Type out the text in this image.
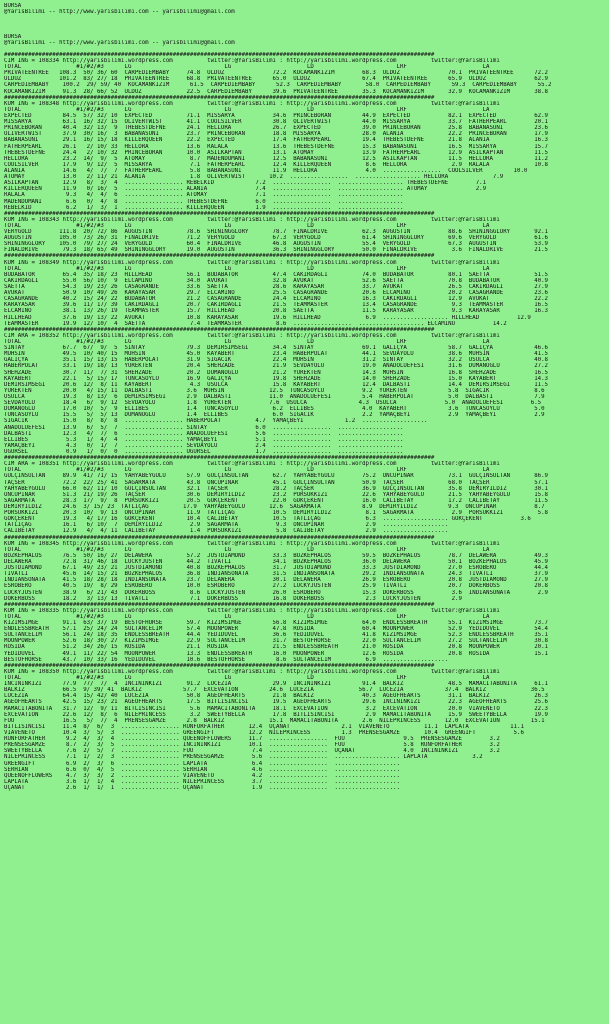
BURSA
@YarisBilimi -- http://www.yarisbilimi.com -- yarisbilimi@gmail.com
BURSA
@YarisBilimi -- http://www.yarisbilimi.com -- yarisbilimi@gmail.com
#############################################################################################################################
CIM ING = 108334 http://yarisbilimi.wordpress.com          twitter:@YarisBilimi : http://yarisbilimi.wordpress.com          twitter:@YarisBilimi
TOTAL                #1/#2/#3      LG                           LG                      LD                        LRF                      LA
PRIVATEENTREE   108.3  50/ 36/ 60  CARPEDIEMBABY     74.8  ULDUZ              72.2  KOCAMANKIZIM        68.3  ULDUZ              70.1  PRIVATEENTREE      72.2
ULDUZ           101.2  83/ 27/ 18  PRIVATEENTREE     68.8  PRIVATEENTREE      65.0  ULDUZ               67.4  PRIVATEENTREE      65.9  ULDUZ              62.9
CARPEDIEMBABY    100.2  29/ 59/ 40  KOCAMANKIZIM      61.5  CARPEDIEMBABY      52.3  CARPEDIEMBABY       58.0  CARPEDIEMBABY      59.3  CARPEDIEMBABY      55.2
KOCAMANKIZIM     91.3  28/ 66/ 52  ULDUZ             22.5  CARPEDIEMBABY      39.6  PRIVATEENTREE       35.3  KOCAMANKIZIM       32.9  KOCAMANKIZIM       38.8
#############################################################################################################################
KUM ING = 108348 http://yarisbilimi.wordpress.com          twitter:@YarisBilimi : http://yarisbilimi.wordpress.com          twitter:@YarisBilimi
TOTAL                #1/#2/#3      LG                           LG                      LD                        LRF                      LA
EXPECTED         84.5  57/ 32/ 10  EXPECTED          71.1  MISSARYA           34.6  PRINCEBORAN         44.9  EXPECTED           82.1  EXPECTED           62.9
MISSARYA         63.1  16/ 32/ 15  OLIVERTWIST       41.1  COOLSILVER         30.8  OLIVERTWIST         44.0  MISSARYA           33.7  FATHERPEARL        20.1
PRINCEBORAN      40.4  32/ 13/  9  THEBESTDEFNE      24.1  HELLORA            26.7  EXPECTED            39.0  PRINCEBORAN        25.8  BABANASUNI         23.6
OLIVERTWIST      37.9  30/ 16/  3  BABANASUNI        23.7  PRINCEBORAN        18.8  MISSARYA            28.0  ALANIA             22.2  PRINCEBORAN        17.9
BABANASUNI       29.1  16/ 15/ 18  KILLERQUEEN       22.2  EXPECTED           17.4  FATHERPEARL         19.4  THEBESTDEFNE       21.8  ALANIA             16.3
FATHERPEARL      26.1   2/ 10/ 33  HELLORA           13.6  RALALA             13.6  THEBESTDEFNE        15.3  BABANASUNI         16.5  MISSARYA           15.7
THEBESTDEFNE     24.4   2/ 10/ 32  PRINCEBORAN       10.0  ASILKAPTAN         13.1  ATOMAY              13.9  FATHERPEARL        12.9  ASILKAPTAN         11.5
HELLORA          23.2  14/  9/  5  ATOMAY             8.7  MADENDOMANI        12.5  BABANASUNI          12.5  ASILKAPTAN         11.5  HELLORA            11.2
COOLSILVER       17.9   9/ 12/  5  MISSARYA           7.1  FATHERPEARL        12.4  KILLERQUEEN          8.6  HELLORA             2.9  RALALA             10.8
ALANIA           14.6   4/  7/  7  FATHERPEARL        5.8  BABANASUNI         11.9  HELLORA              4.0  .................  COOLSILVER         10.0
ATOMAY           13.0   2/ 11/ 21  ALANIA             1.8  OLIVERTWIST       10.2  .................  ................... HELLORA             7.9
ASILKAPTAN       12.9   8/  3/  4  ................. REBELKID            7.2  .................  ................... THEBESTDEFNE        7.1
KILLERQUEEN      11.9   0/ 16/  5  ................. ALANIA              7.4  .................  ................... ATOMAY              2.9
RALALA            9.3   4/  4/  6  ................. ATOMAY              7.1  .................  ...................
MADENDOMANI       6.6   0/  4/  8  ................. THEBESTDEFNE        6.0  .................  ...................
REBELKID          6.2   1/  3/  1  ................. KILLERQUEEN         1.9  .................  ...................
#############################################################################################################################
KUM ING = 108343 http://yarisbilimi.wordpress.com          twitter:@YarisBilimi : http://yarisbilimi.wordpress.com          twitter:@YarisBilimi
TOTAL                #1/#2/#3      LG                           LG                      LD                        LRF                      LA
VERYGOLD        111.8  20/ 72/ 86  AUGUSTIN          78.6  SHININGGLORY       78.7  FINALDRIVE          62.3  AUGUSTIN           88.6  SHININGGLORY       92.1
AUGUSTIN        105.0  73/ 26/ 31  FINALDRIVE        71.2  VERYGOLD           67.3  VERYGOLD            61.4  SHININGGLORY       69.6  VERYGOLD           61.6
SHININGGLORY    105.0  79/ 27/ 24  VERYGOLD          60.4  FINALDRIVE         46.8  AUGUSTIN            55.4  VERYGOLD           67.3  AUGUSTIN           53.9
FINALDRIVE       79.3  18/ 65/ 49  SHININGGLORY      19.0  AUGUSTIN           36.3  SHININGGLORY        50.0  FINALDRIVE          3.6  FINALDRIVE         21.5
#############################################################################################################################
KUM ING = 108349 http://yarisbilimi.wordpress.com          twitter:@YarisBilimi : http://yarisbilimi.wordpress.com          twitter:@YarisBilimi
TOTAL                #1/#2/#3      LG                           LG                      LD                        LRF                      LA
BUDABATOR        65.4  35/ 18/ 23  HILLHEAD          56.1  BUDABATOR          47.4  CAKIRDAGLI          74.0  BUDABATOR          80.1  SAETTA             51.5
CAKIRDAGLI       55.0  56/ 10/  9  ELCAMINO          34.0  AVUKAT             32.8  AVUKAT              52.6  SAETTA             70.8  BUDABATOR          40.9
SAETTA           54.3  19/ 23/ 26  CASAGRANDE        33.6  SAETTA             28.6  KARAYASAR           33.7  AVUKAT             26.5  CAKIRDAGLI         27.9
AVUKAT           50.9  10/ 49/ 26  KARAYASAR         29.7  ELCAMINO           25.5  CASAGRANDE          20.6  ELCAMINO           20.2  CASAGRANDE         23.6
CASAGRANDE       40.2  15/ 24/ 22  BUDABATOR         21.2  CASAGRANDE         24.4  ELCAMINO            16.3  CAKIRDAGLI         12.9  AVUKAT             22.2
KARAYASAR        39.6  11/ 17/ 39  CAKIRDAGLI        20.7  CAKIRDAGLI         21.5  TEAMMASTER          13.4  CASAGRANDE          9.3  TEAMMASTER         16.5
ELCAMINO         38.1  13/ 26/ 19  TEAMMASTER        15.7  HILLHEAD           20.8  SAETTA              11.5  KARAYASAR           9.3  KARAYASAR          16.3
HILLHEAD         37.6  19/ 13/ 22  AVUKAT            10.8  KARAYASAR          19.6  HILLHEAD             6.9  ................... HILLHEAD           12.9
TEAMMASTER       19.9  12/ 10/  4  SAETTA             7.4  TEAMMASTER          8.6  .................  ................... ELCAMINO           14.2
#############################################################################################################################
CIM ARA = 108352 http://yarisbilimi.wordpress.com          twitter:@YarisBilimi : http://yarisbilimi.wordpress.com          twitter:@YarisBilimi
TOTAL                #1/#2/#3      LG                           LG                      LD                        LRF                      LA
SINTAY           67.7  67/  9/  5  SINTAY            79.3  DEMIRSIMSEGI       34.4  SINTAY              69.1  GALIÇYA            58.7  GALIÇYA            46.6
MUHSIN           49.5  10/ 40/ 15  MUHSIN            45.0  KAYABERT           23.4  HABERPOLAT          44.1  SEVDAYOLU          38.6  MUHSIN             41.5
GALIÇYA          35.1  15/ 13/ 15  HABERPOLAT        31.9  SIGACIK            22.4  MUHSIN              31.2  SINTAY             32.2  USULCA             40.8
HABERPOLAT       33.1  19/ 18/ 13  YÜREKTEN          20.4  SHEHZADE           21.9  SEVDAYOLU           19.0  ANADOLUEFESI       31.6  DUMANOGLU          27.2
SHEHZADE         30.7  11/  7/ 31  SHEHZADE          20.2  DUMANOGLU          21.2  YÜREKTEN            14.3  MUHSIN             16.8  SHEHZADE           16.5
KAYABERT         22.1   5/ 15/ 17  TUNCASOYLU        16.9  GALIÇYA            19.8  SHEHZADE            14.0  SHEHZADE           15.0  KAYABERT           14.3
DEMIRSIMSEGI     20.6  12/  8/ 11  KAYABERT           4.3  USULCA             15.8  KAYABERT            12.4  DALBASTI           14.4  DEMIRSIMSEGI       11.5
YÜREKTEN         20.0   4/ 15/ 11  DALBASTI          3.6  MUHSIN             12.5  TUNCASOYLU           9.2  YÜREKTEN            5.8  SIGACIK             8.6
USULCA           19.3   8/ 13/  6  DEMIRSIMSEGI      2.9  DALBASTI           11.0  ANADOLUEFESI         5.4  HABERPOLAT          5.0  DALBASTI            7.9
SEVDAYOLU        18.4   6/  9/ 12  SEVDAYOLU         1.8  YÜREKTEN           7.6  USULCA               4.3  USULCA              5.0  ANADOLUEFESI        6.5
DUMANOGLU        17.0  10/  5/  9  ELLIBES           1.4  TUNCASOYLU          6.2  ELLIBES              4.0  KAYABERT            3.6  TUNCASOYLU          5.0
TUNCASOYLU       15.5   5/  5/ 13  DUMANOGLU         1.4  ELLIBES             6.0  SIGACIK              2.2  YAMAÇBEYI           2.9  YAMAÇBEYI           2.9
SIGACIK          15.0   8/  8/  8  ................. HABERPOLAT          4.7  YAMAÇBEYI            1.2  ...................
ANADOLUEFESI     13.9   6/  5/  7  ................. SINTAY              6.0  .................  ...................
DALBASTI         12.3   4/  7/  6  ................. ANADOLUEFESI        5.6  .................  ...................
ELLIBES           5.3   1/  4/  4  ................. YAMAÇBEYI           5.1  .................  ...................
YAMAÇBEYI         4.3   0/  1/  7  ................. SEVDAYOLU           2.4  .................  ...................
UGURSEL           0.9   1/  0/  0  ................. UGURSEL             1.7  .................  ...................
#############################################################################################################################
CIM ARA = 108351 http://yarisbilimi.wordpress.com          twitter:@YarisBilimi : http://yarisbilimi.wordpress.com          twitter:@YarisBilimi
TOTAL                #1/#2/#3      LG                           LG                      LD                        LRF                      LA
GÜLÇINSULTAN     89.9  41/ 71/ 15  YAHYABEYGÜLÜ      57.9  GÜLÇINSULTAN       62.7  YAHYABEYGÜLÜ        75.2  ÖNCÜPINAR          73.1  GÜLÇINSULTAN       86.9
TAÇSER           72.2  22/ 25/ 41  SAGARMATA         43.8  ÖNCÜPINAR          45.1  GÜLÇINSULTAN        50.9  TAÇSER             68.0  TAÇSER             57.1
YAHYABEYGÜLÜ     66.0  62/ 11/ 10  GÜLÇINSULTAN      32.1  TAÇSER             28.2  TAÇSER              36.9  GÜLÇINSULTAN       35.8  DEMIRYILDIZ        30.1
ÖNCÜPINAR        51.3  21/ 19/ 26  TAÇSER            30.6  DEMIRYILDIZ        23.2  PORSUKKIZI          22.6  YAHYABEYGÜLÜ       21.5  YAHYABEYGÜLÜ       15.8
SAGARMATA        28.3  17/  9/  8  PORSUKKIZI        20.5  GÖKÇEKENT          22.0  GÖKÇEKENT           16.0  CALIBETAY          17.2  CALIBETAY          11.5
DEMIRYILDIZ      24.6  3/ 15/ 23  TATLIÇAG          17.9  YAHYABEYGÜLÜ       12.6  SAGARMATA            8.9  DEMIRYILDIZ         9.3  ÖNCÜPINAR           8.7
PORSUKKIZI       20.3  10/  9/ 13  ÖNCÜPINAR         11.9  TATLIÇAG           10.5  DEMIRYILDIZ          8.1  SAGARMATA           2.9  PORSUKKIZI          5.8
GÖKÇEKENT        19.3   4/ 17/ 16  GÖKÇEKENT         10.4  CALIBETAY          10.5  TATLIÇAG             6.3  ................... GÖKÇEKENT           3.6
TATLIÇAG         16.1   6/ 10/  7  DEMIRYILDIZ        2.9  SAGARMATA           9.3  ÖNCÜPINAR            2.9  ...................
CALIBETAY        12.9   4/  4/ 11  CALIBETAY          1.4  PORSUKKIZI          5.8  CALIBETAY            2.9  ...................
#############################################################################################################################
KUM ING = 108345 http://yarisbilimi.wordpress.com          twitter:@YarisBilimi : http://yarisbilimi.wordpress.com          twitter:@YarisBilimi
TOTAL                #1/#2/#3      LG                           LG                      LD                        LRF                      LA
BOZKEPHALOS      76.5  50/ 16/ 27  DELAWERA          57.2  JUSTDIAMOND        33.3  BOZKEPHALOS         59.5  BOZKEPHALOS        78.7  DELAWERA           49.3
DELAWERA         72.8  31/ 46/ 18  LUCKYJUSTEN       44.2  TIVATLI            34.1  BOZKEPHALOS         36.0  DELAWERA           50.1  BOZKEPHALOS        45.9
JUSTDIAMOND      67.1  49/ 23/ 21  JUSTDIAMOND       40.8  BOZKEPHALOS        31.7  JUSTDIAMOND         33.3  JUSTDIAMOND        27.0  ESROBERO           44.4
TIVATLI          45.6  14/ 15/ 21  BOZKEPHALOS       36.8  INDIANSONATA       31.5  INDIANSONATA        29.2  INDIANSONATA       24.3  TIVATLI            37.9
INDIANSONATA     41.5  18/ 28/ 18  INDIANSONATA      23.7  DELAWERA           30.1  DELAWERA            26.9  ESROBERO           20.8  JUSTDIAMOND        27.9
ESROBERO         40.5  19/  8/ 29  ESROBERO          10.0  ESROBERO           27.2  LUCKYJUSTEN         25.9  TIVATLI            20.7  DÖKERBOSS          20.8
LUCKYJUSTEN      38.9   6/ 21/ 43  DÖKERBOSS          8.6  LUCKYJUSTEN        26.0  ESROBERO            15.3  DÖKERBOSS           3.6  INDIANSONATA        2.9
DÖKERBOSS        18.2   3/ 13/ 13  TIVATLI            7.1  DÖKERBOSS          16.8  DÖKERBOSS            2.3  LUCKYJUSTEN         2.9
#############################################################################################################################
KUM ING = 108335 http://yarisbilimi.wordpress.com          twitter:@YarisBilimi : http://yarisbilimi.wordpress.com          twitter:@YarisBilimi
TOTAL                #1/#2/#3      LG                           LG                      LD                        LRF                      LA
KIZIMSIMGE       91.1  63/ 37/ 19  BESTOFHORSE       59.7  KIZIMSIMGE         56.8  KIZIMSIMGE          64.0  ENDLESSBREATH      55.1  KIZIMSIMGE         73.7
ENDLESSBREATH    57.1  25/ 24/ 24  SULTANCELIM       57.4  MOONPOWER          47.8  ROSIDA              60.4  MOONPOWER          52.9  YEDIDÜVEL          54.4
SULTANCELIM      56.1  24/ 18/ 35  ENDLESSBREATH     44.4  YEDIDÜVEL          36.6  YEDIDÜVEL           41.8  KIZIMSIMGE         52.3  ENDLESSBREATH      35.1
MOONPOWER        52.6  18/ 30/ 27  KIZIMSIMGE        22.9  SULTANCELIM        31.7  BESTOFHORSE         22.0  SULTANCELIM        27.2  SULTANCELIM        30.8
ROSIDA           51.2  34/ 26/ 15  ROSIDA            21.1  ROSIDA             21.5  ENDLESSBREATH       21.0  ROSIDA             20.8  MOONPOWER          20.1
YEDIDÜVEL        49.1  11/ 22/ 54  MOONPOWER         13.3  ENDLESSBREATH      16.0  MOONPOWER           12.6  ROSIDA             20.8  ROSIDA             15.1
BESTOFHORSE      43.7  10/ 33/ 16  YEDIDÜVEL         10.6  BESTOFHORSE         8.6  SULTANCELIM          6.9  ...................
#############################################################################################################################
KUM ING = 108350 http://yarisbilimi.wordpress.com          twitter:@YarisBilimi : http://yarisbilimi.wordpress.com          twitter:@YarisBilimi
TOTAL                #1/#2/#3      LG                           LG                      LD                        LRF                      LA
INCININKIZI      77.9  77/  7/  4  INCININKIZI       91.2  LUCEZIA            29.9  INCININKIZI         91.4  BALKIZ             48.5  MAMACITABONITA     61.1
BALKIZ           66.5  9/ 39/ 41  BALKIZ            57.7  EXCEVATION         24.6  LUCEZIA             56.7  LUCEZIA            37.4  BALKIZ             36.5
LUCEZIA          64.4  15/ 42/ 40  LUCEZIA           50.8  AGEOFHEARTS        21.8  BALKIZ              40.3  AGEOFHEARTS        31.1  BALKIZ             26.3
AGEOFHEARTS      42.5  15/ 23/ 21  AGEOFHEARTS       17.5  BITLISINCISI       19.5  AGEOFHEARTS         29.6  INCININKIZI        22.3  AGEOFHEARTS        25.6
MAMACITABONITA   31.7  12/  9/ 11  BITLISINCISI       5.6  MAMACITABONITA     18.1  EXCEVATION           3.2  EXCEVATION         20.0  VIAVENETO          22.3
EXCEVATION       22.6  12/  8/  6  NILEPRINCESS       3.2  SWEETYBELLA        17.8  BITLISINCISI         2.9  MAMACITABONITA     15.9  SWEETYBELLA        19.9
FUU              16.5   5/  7/  4  PRENSESGAMZE      2.8  BALKIZ             15.1  MAMACITABONITA       2.6  NILEPRINCESS       12.0  EXCEVATION         15.1
BITLISINCISI     11.4  8/  6/  3  ................. RUNFORFATHER       12.4  UÇANAT               2.1  VIAVENETO          11.1  LAPLATA            11.1
VIAVENETO        10.4  3/  5/  3  ................. GREENGIFT          12.2  NILEPRINCESS         1.3  PRENSESGAMZE       10.4  GREENGIFT           5.6
RUNFORFATHER      9.2  4/  3/  4  ................. QUEENOFFLOWERS     11.7  .................  FUU                 9.5  PRENSESGAMZE        3.2
PRENSESGAMZE      8.7  2/  3/  5  ................. INCININKIZI        10.1  .................  FUU                 5.8  RUNFORFATHER        3.2
SWEETYBELLA       7.6  2/  5/  7  ................. FUU                 7.4  .................  UÇANAT              4.0  INCININKIZI         3.2
NILEPRINCESS      7.1  1/  2/  3  ................. PRENSESGAMZE        5.6  .................  ................... LAPLATA             3.2
GREENGIFT         6.9  2/  3/  6  ................. LAPLATA             6.4  .................  ...................
SERHIAN           6.6  0/  4/  5  ................. SERHIAN             4.6  .................  ...................
QUEENOFFLOWERS    4.7  3/  3/  2  ................. VIAVENETO           4.2  .................  ...................
LAPLATA           3.6  1/  1/  4  ................. NILEPRINCESS        3.7  .................  ...................
UÇANAT            2.6  1/  1/  1  ................. UÇANAT              1.9  .................  ...................
